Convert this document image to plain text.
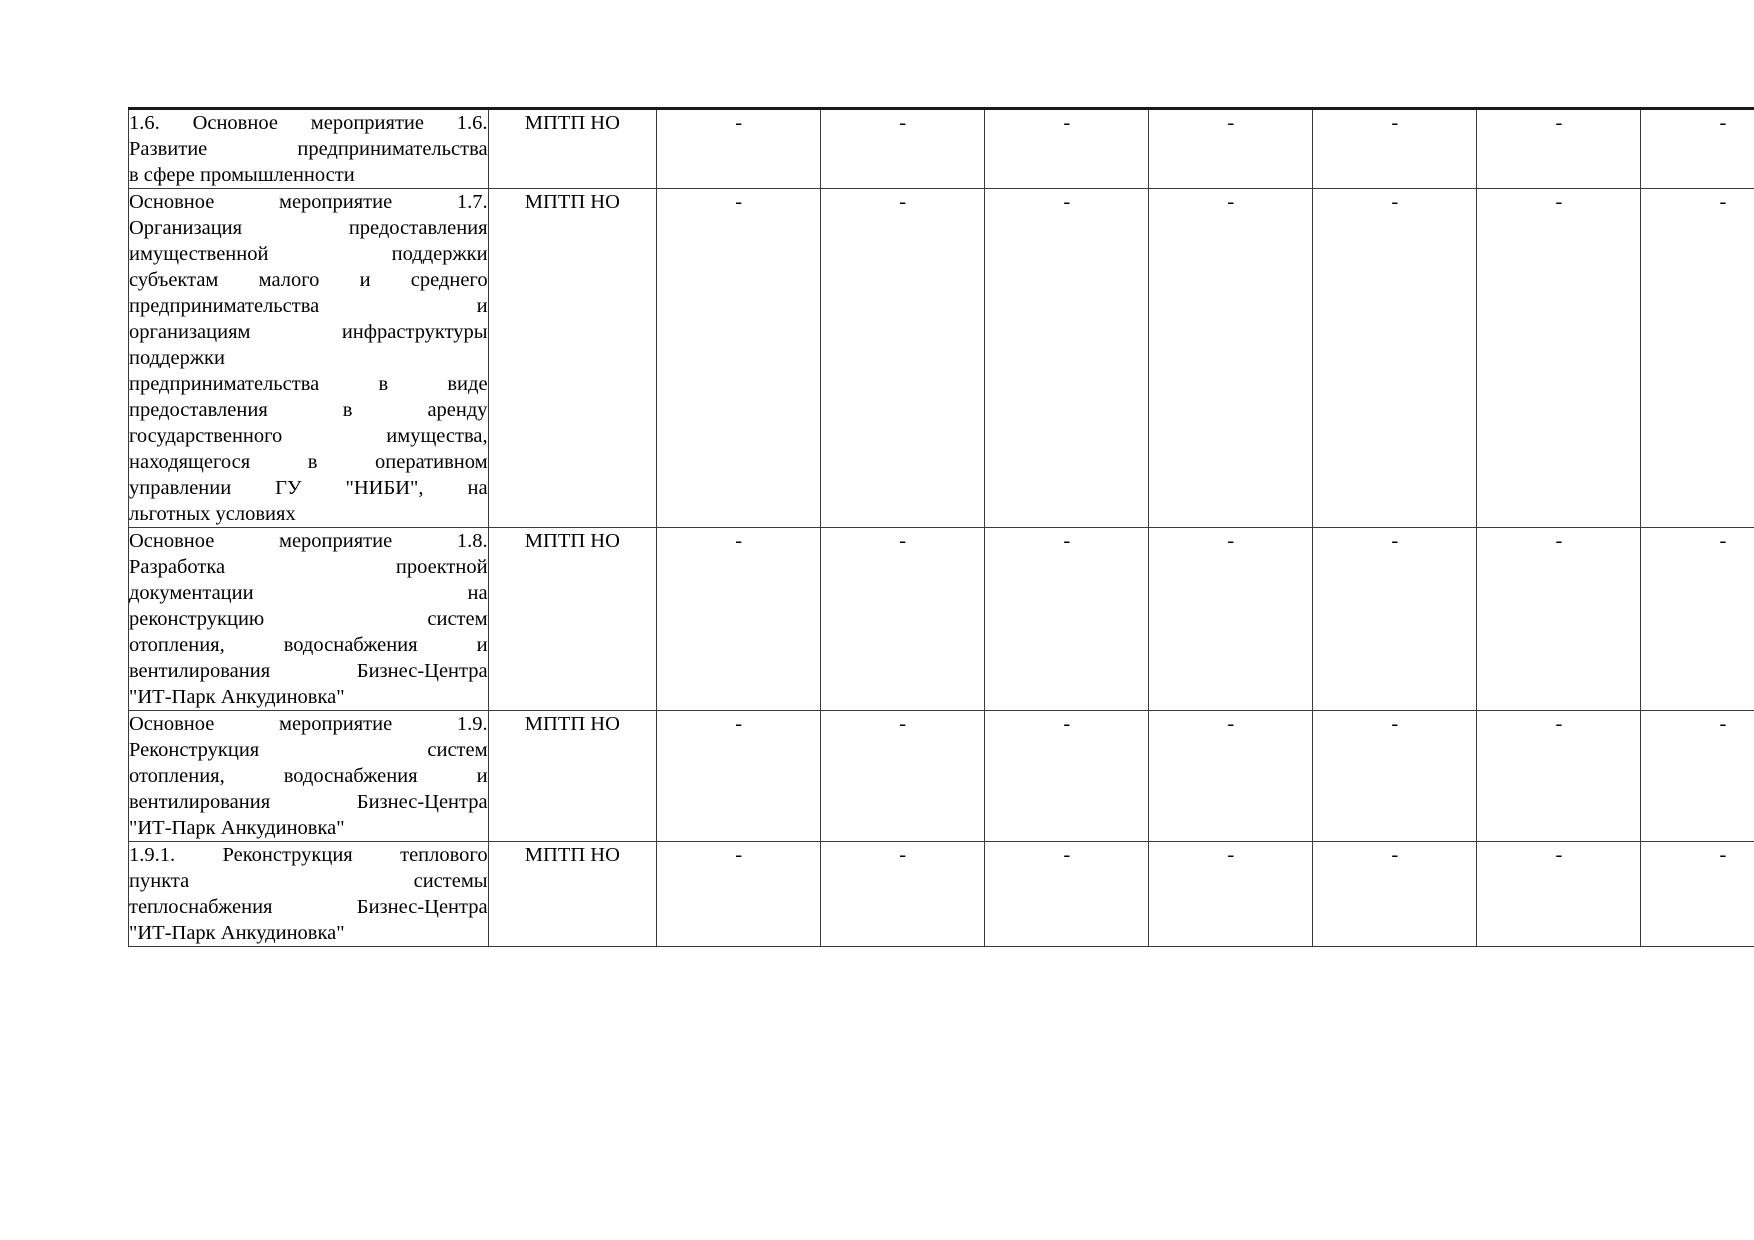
1.6. Основное мероприятие 1.6.
Развитие	предпринимательства
в сфере промышленности
	МПТП НО	-	-	-	-	-	-	-	

Основное	мероприятие	1.7.
Организация	предоставления
имущественной	поддержки
субъектам малого и среднего
предпринимательства	и
организациям	инфраструктуры
поддержки
предпринимательства	в	виде
предоставления	в	аренду
государственного	имущества,
находящегося	в	оперативном
управлении ГУ "НИБИ", на
льготных условиях
	МПТП НО	-	-	-	-	-	-	-	

Основное	мероприятие	1.8.
Разработка	проектной
документации	на
реконструкцию	систем
отопления,	водоснабжения	и
вентилирования	Бизнес-Центра
"ИТ-Парк Анкудиновка"
	МПТП НО	-	-	-	-	-	-	-	

Основное	мероприятие	1.9.
Реконструкция	систем
отопления,	водоснабжения	и
вентилирования	Бизнес-Центра
"ИТ-Парк Анкудиновка"
	МПТП НО	-	-	-	-	-	-	-	

1.9.1. Реконструкция теплового
пункта	системы
теплоснабжения	Бизнес-Центра
"ИТ-Парк Анкудиновка"
	МПТП НО	-	-	-	-	-	-	-	
